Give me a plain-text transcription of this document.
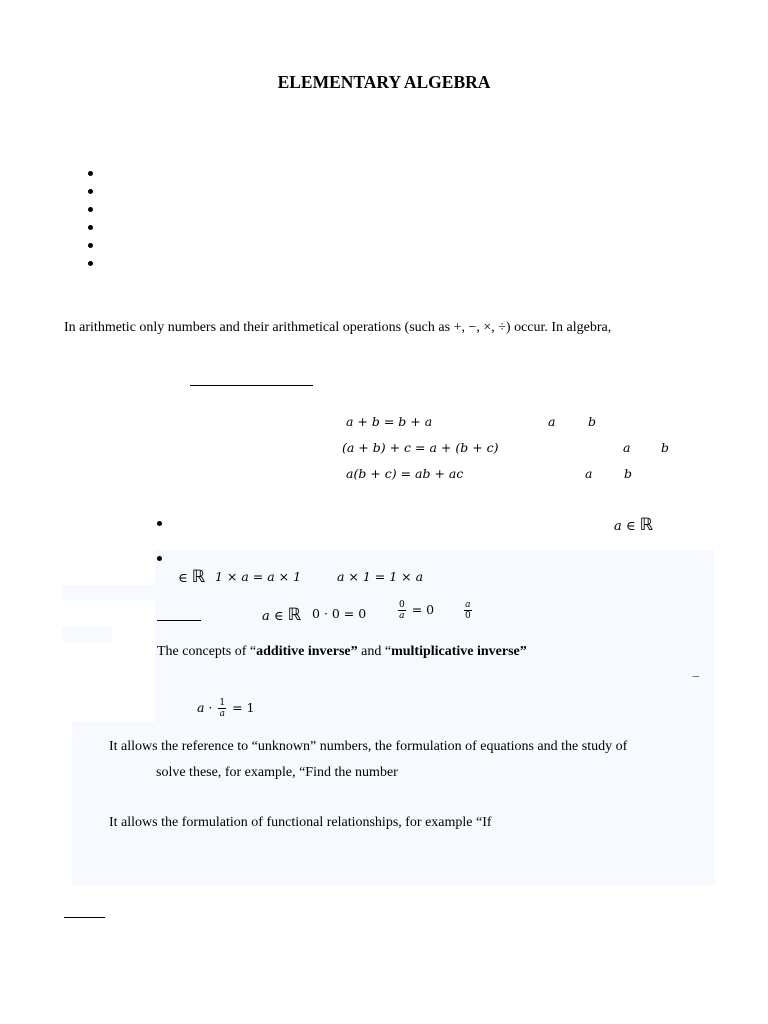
ELEMENTARY ALGEBRA
In arithmetic only numbers and their arithmetical operations (such as +, −, ×, ÷) occur. In algebra,
a + b = b + a	a	b
(a + b) + c = a + (b + c)	a b
a(b + c) = ab + ac	a	b
a ∈ ℝ
∈ ℝ 1 × a = a × 1	a × 1 = 1 × a
a ∈ ℝ 0 · 0 = 0	$\frac{0}{a} = 0$	$\frac{a}{0}$
The concepts of “additive inverse” and “multiplicative inverse”
−
$a \cdot \frac{1}{a} = 1$
It allows the reference to “unknown” numbers, the formulation of equations and the study of
solve these, for example, “Find the number
It allows the formulation of functional relationships, for example “If
